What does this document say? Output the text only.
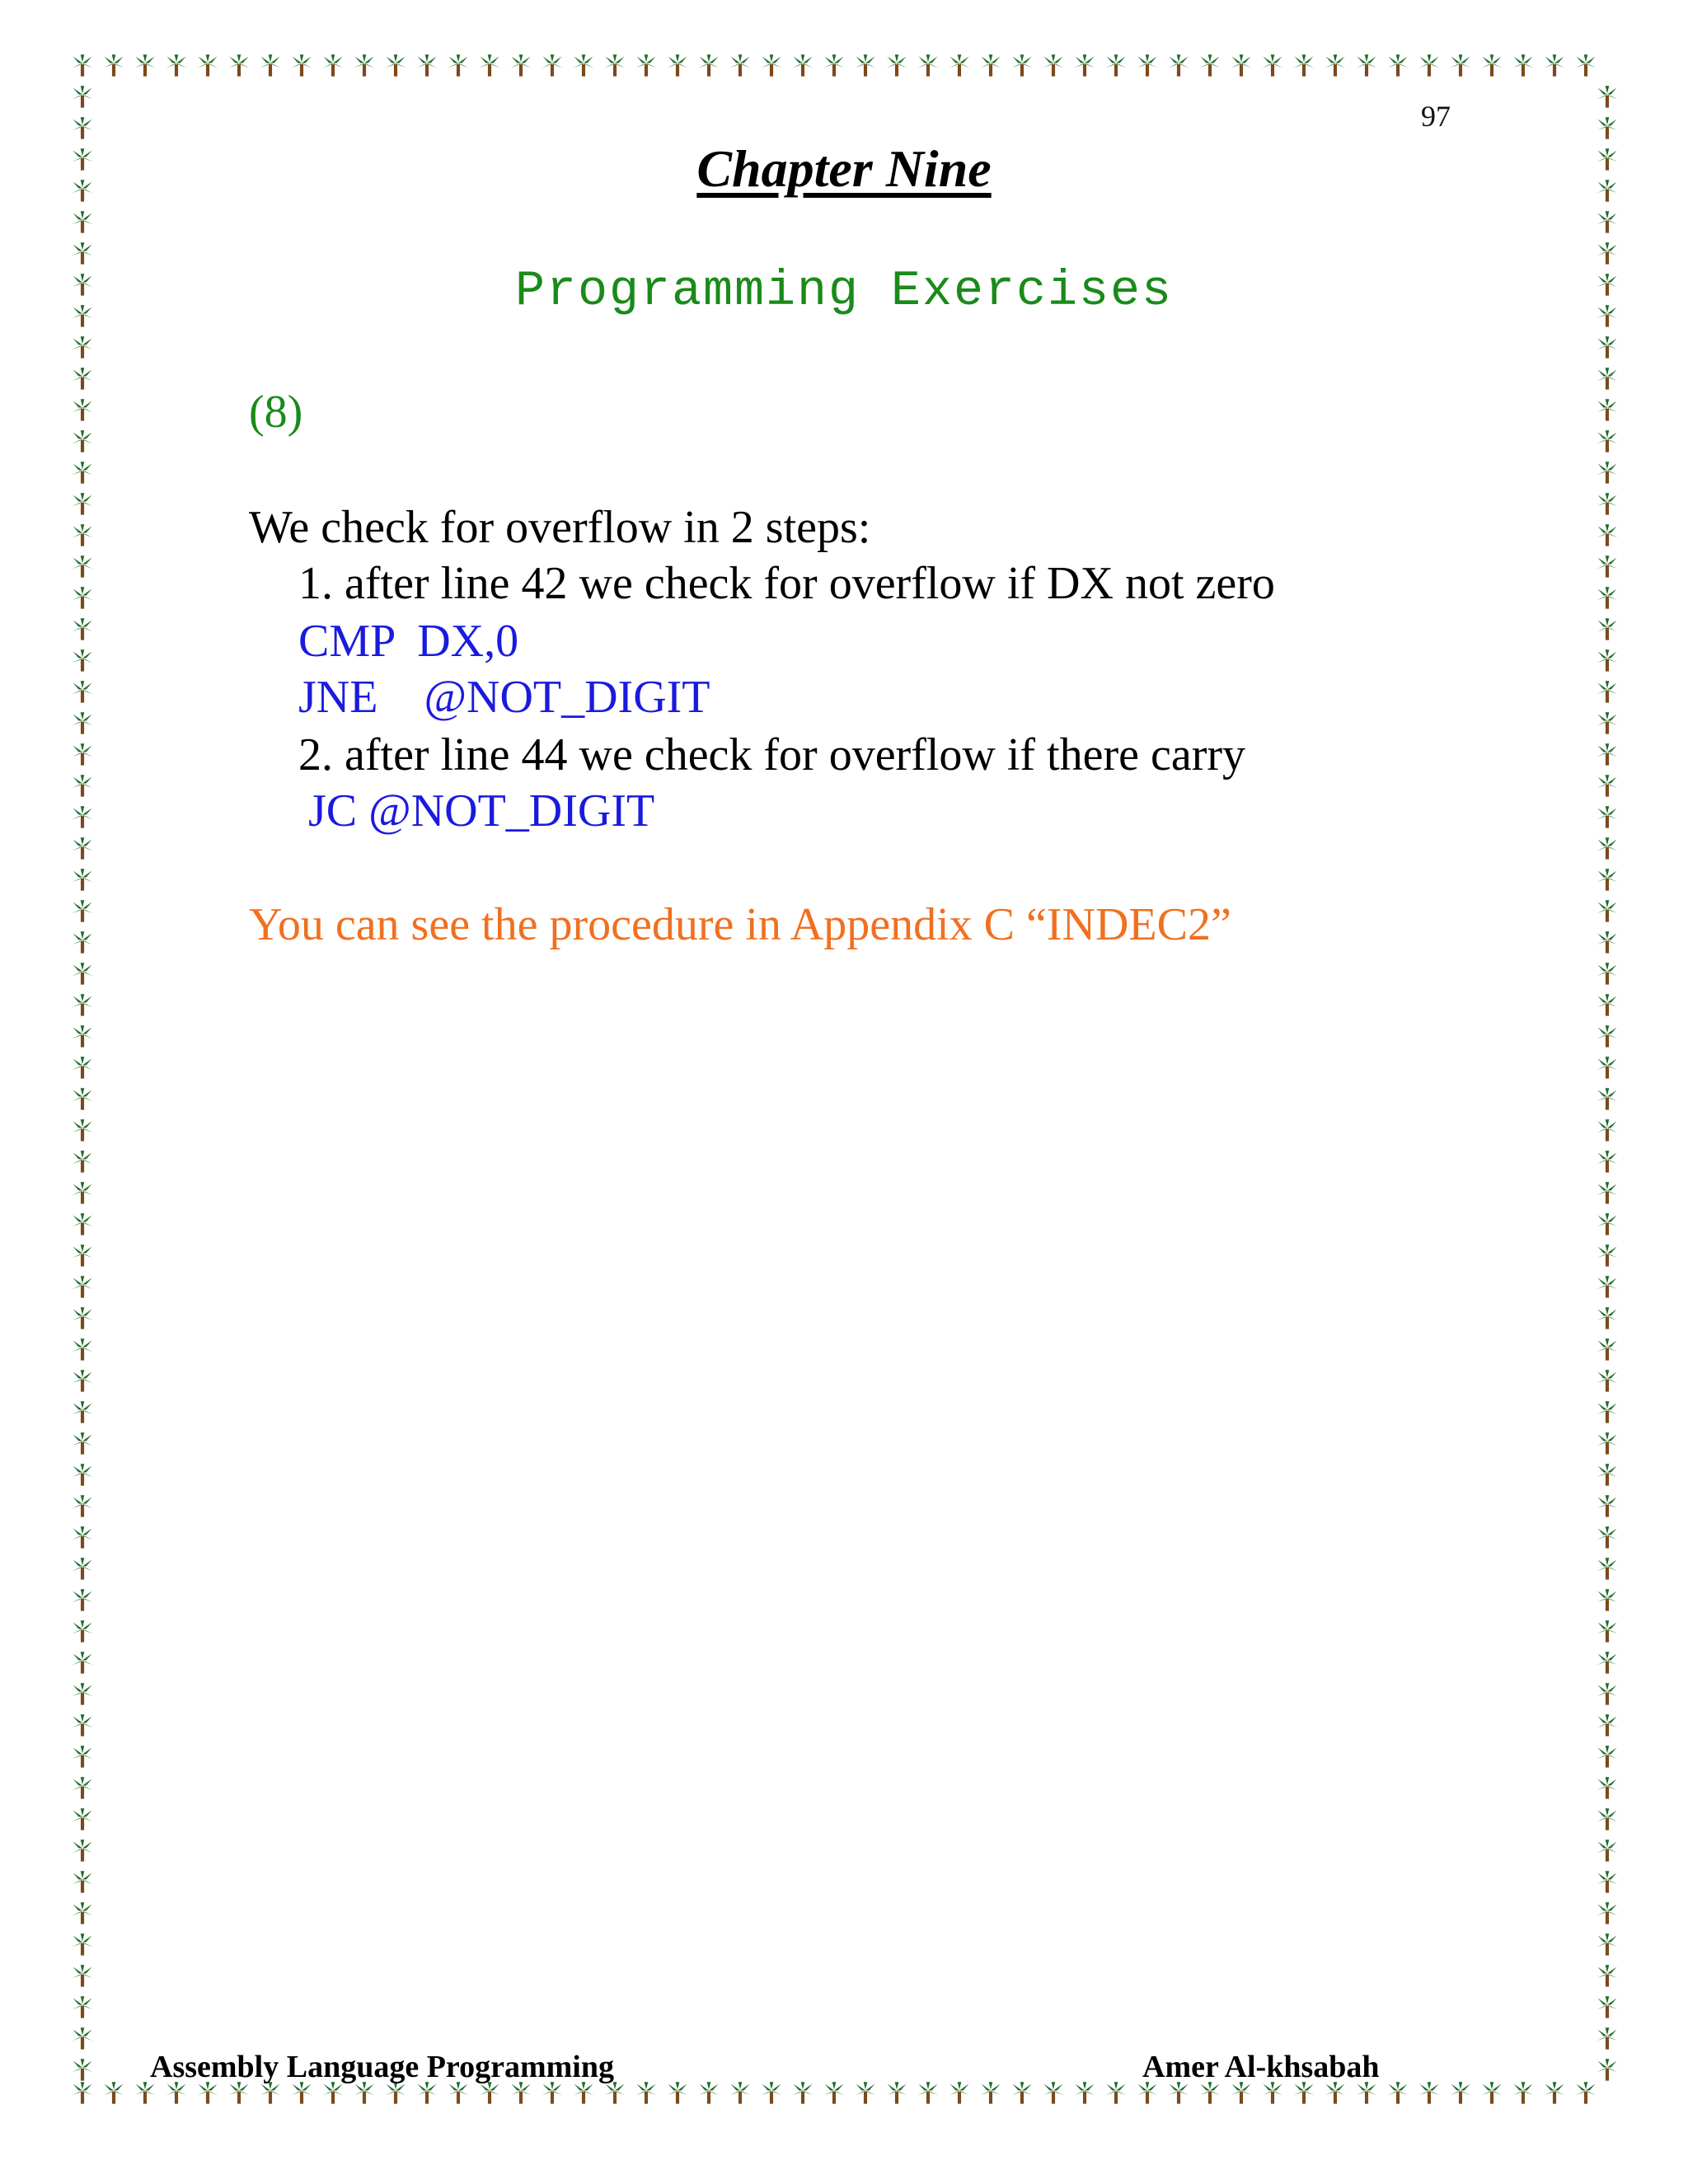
97
Chapter Nine
Programming Exercises
(8)
We check for overflow in 2 steps:
1. after line 42 we check for overflow if DX not zero
CMP  DX,0
JNE    @NOT_DIGIT
2. after line 44 we check for overflow if there carry
JC @NOT_DIGIT
You can see the procedure in Appendix C “INDEC2”
Assembly Language Programming	Amer Al-khsabah
